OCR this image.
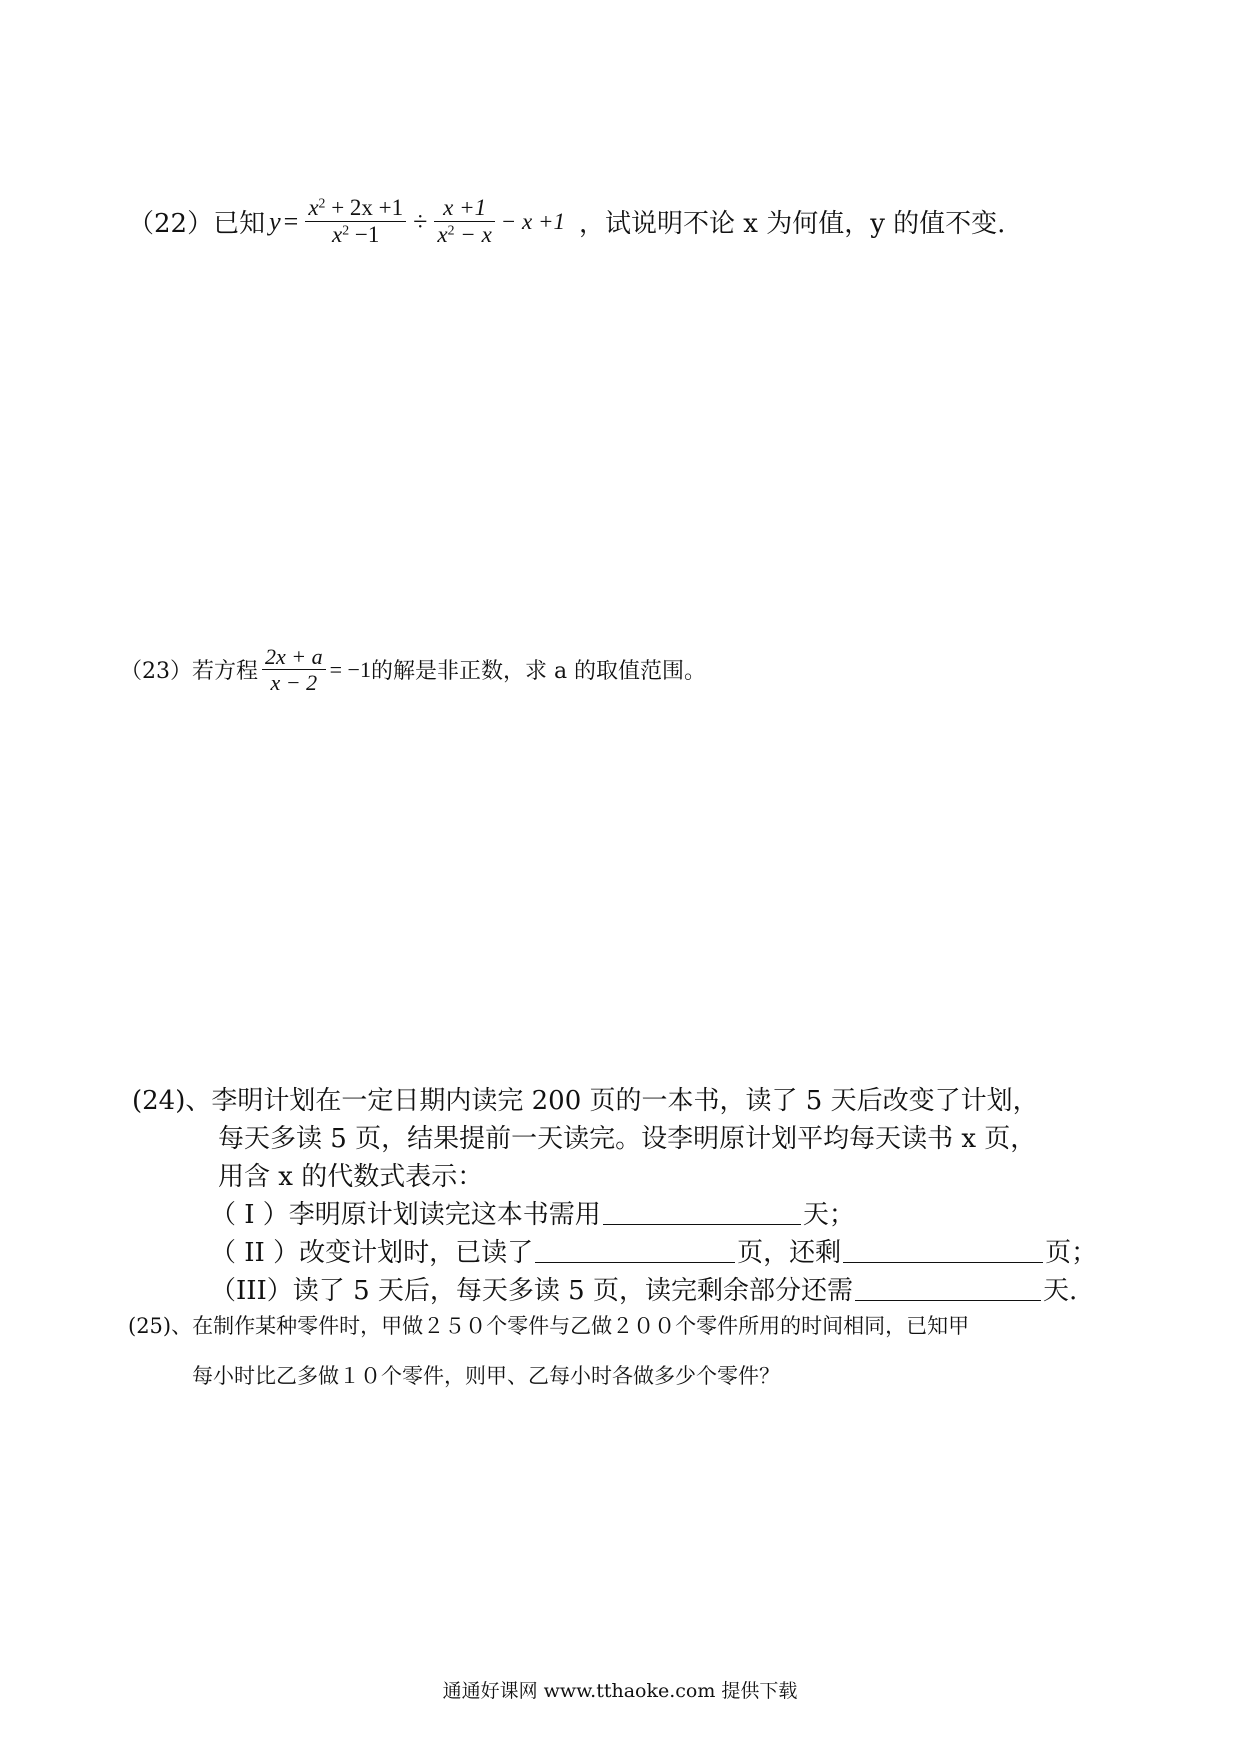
（22）已知 $y = \frac{x^2 + 2x +1}{x^2 -1} \div \frac{x +1}{x^2 - x} - x +1$ ，试说明不论 x 为何值，y 的值不变.
（23）若方程 $\frac{2x + a}{x - 2} = -1$ 的解是非正数，求 a 的取值范围。
(24)、李明计划在一定日期内读完 200 页的一本书，读了 5 天后改变了计划，
每天多读 5 页，结果提前一天读完。设李明原计划平均每天读书 x 页，
用含 x 的代数式表示：
（ I ）李明原计划读完这本书需用	天；
（ II ）改变计划时，已读了	页，还剩	页；
（III）读了 5 天后，每天多读 5 页，读完剩余部分还需	天.
(25)、在制作某种零件时，甲做２５０个零件与乙做２００个零件所用的时间相同，已知甲
每小时比乙多做１０个零件，则甲、乙每小时各做多少个零件？
通通好课网 www.tthaoke.com 提供下载
